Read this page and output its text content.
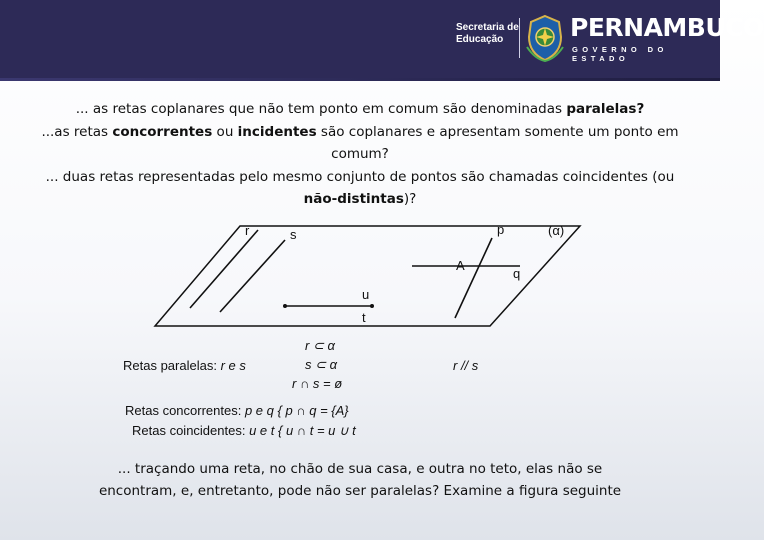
Secretaria de
Educação	PERNAMBUCO
GOVERNO DO ESTADO

... as retas coplanares que não tem ponto em comum são denominadas paralelas?

...as retas concorrentes ou incidentes são coplanares e apresentam somente um ponto em comum?

... duas retas representadas pelo mesmo conjunto de pontos são chamadas coincidentes (ou não-distintas)?

r	s	p	(α)
A
q
u
t
Retas paralelas: r e s
r ⊂ α
s ⊂ α
r ∩ s = ø
r // s
Retas concorrentes: p e q { p ∩ q = {A}
Retas coincidentes: u e t { u ∩ t = u ∪ t

... traçando uma reta, no chão de sua casa, e outra no teto, elas não se encontram, e, entretanto, pode não ser paralelas? Examine a figura seguinte
